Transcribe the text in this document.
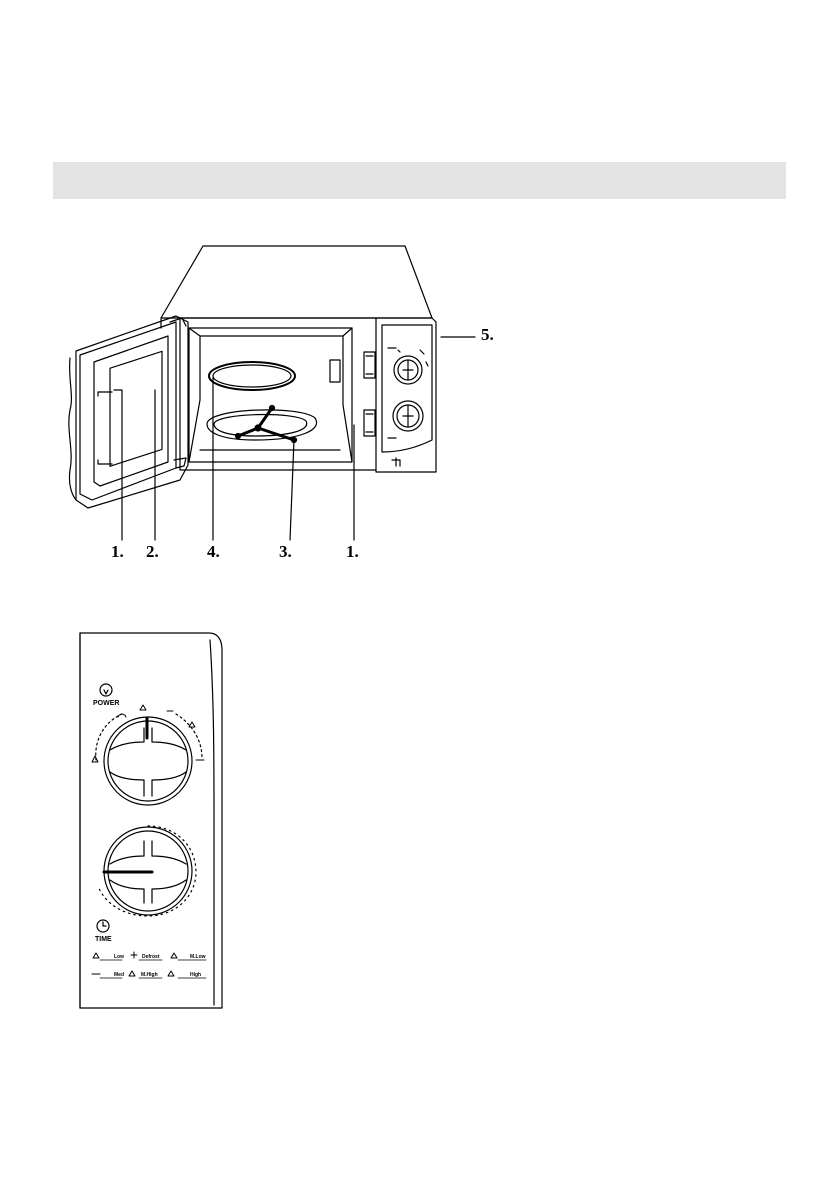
1. 2.	4.	3.	1.
5.
POWER
TIME
Low	Defrost	M.Low
Med	M.High	High
